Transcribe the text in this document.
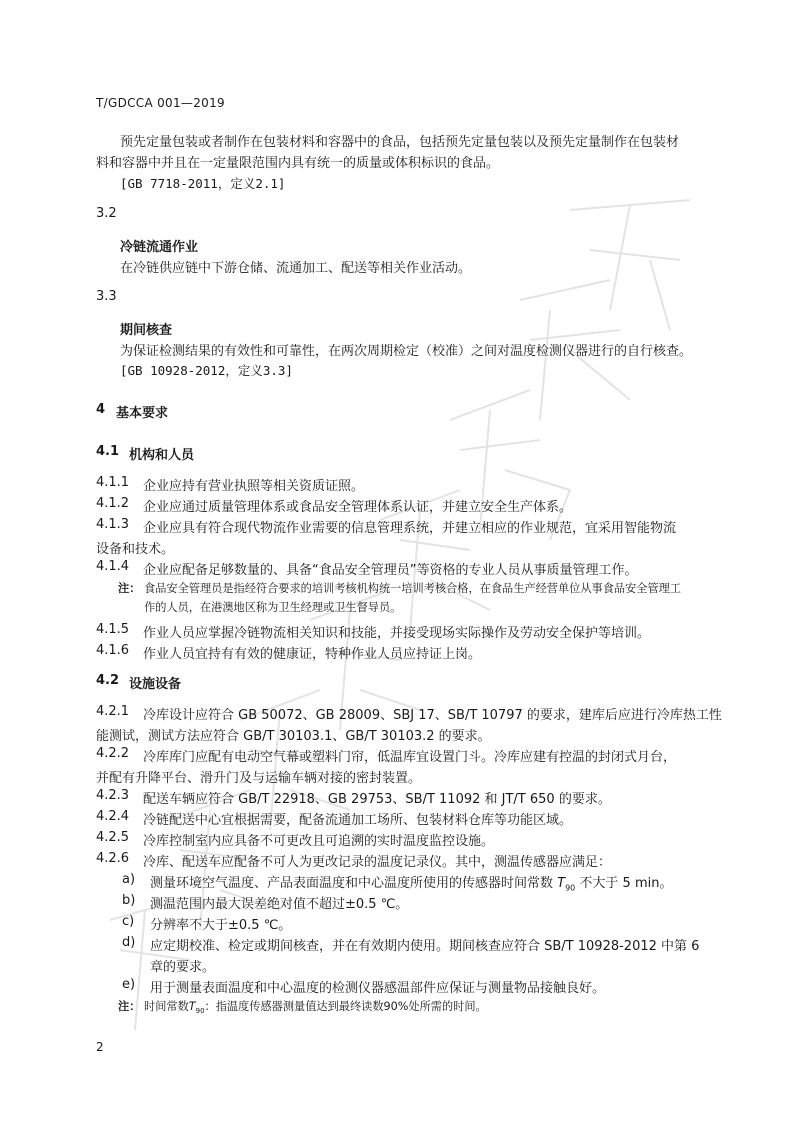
T/GDCCA 001—2019
预先定量包装或者制作在包装材料和容器中的食品，包括预先定量包装以及预先定量制作在包装材
料和容器中并且在一定量限范围内具有统一的质量或体积标识的食品。
[GB 7718-2011，定义2.1]
3.2
冷链流通作业
在冷链供应链中下游仓储、流通加工、配送等相关作业活动。
3.3
期间核查
为保证检测结果的有效性和可靠性，在两次周期检定（校准）之间对温度检测仪器进行的自行核查。
[GB 10928-2012，定义3.3]
4 基本要求
4.1 机构和人员
4.1.1 企业应持有营业执照等相关资质证照。
4.1.2 企业应通过质量管理体系或食品安全管理体系认证，并建立安全生产体系。
4.1.3 企业应具有符合现代物流作业需要的信息管理系统，并建立相应的作业规范，宜采用智能物流
设备和技术。
4.1.4 企业应配备足够数量的、具备“食品安全管理员”等资格的专业人员从事质量管理工作。
注： 食品安全管理员是指经符合要求的培训考核机构统一培训考核合格，在食品生产经营单位从事食品安全管理工
作的人员，在港澳地区称为卫生经理或卫生督导员。
4.1.5 作业人员应掌握冷链物流相关知识和技能，并接受现场实际操作及劳动安全保护等培训。
4.1.6 作业人员宜持有有效的健康证，特种作业人员应持证上岗。
4.2 设施设备
4.2.1 冷库设计应符合 GB 50072、GB 28009、SBJ 17、SB/T 10797 的要求，建库后应进行冷库热工性
能测试，测试方法应符合 GB/T 30103.1、GB/T 30103.2 的要求。
4.2.2 冷库库门应配有电动空气幕或塑料门帘，低温库宜设置门斗。冷库应建有控温的封闭式月台，
并配有升降平台、滑升门及与运输车辆对接的密封装置。
4.2.3 配送车辆应符合 GB/T 22918、GB 29753、SB/T 11092 和 JT/T 650 的要求。
4.2.4 冷链配送中心宜根据需要，配备流通加工场所、包装材料仓库等功能区域。
4.2.5 冷库控制室内应具备不可更改且可追溯的实时温度监控设施。
4.2.6 冷库、配送车应配备不可人为更改记录的温度记录仪。其中，测温传感器应满足：
a) 测量环境空气温度、产品表面温度和中心温度所使用的传感器时间常数 $T_{90}$ 不大于 5 min。
b) 测温范围内最大误差绝对值不超过±0.5 ℃。
c) 分辨率不大于±0.5 ℃。
d) 应定期校准、检定或期间核查，并在有效期内使用。期间核查应符合 SB/T 10928-2012 中第 6
章的要求。
e) 用于测量表面温度和中心温度的检测仪器感温部件应保证与测量物品接触良好。
注： 时间常数$T_{90}$：指温度传感器测量值达到最终读数90%处所需的时间。
2
